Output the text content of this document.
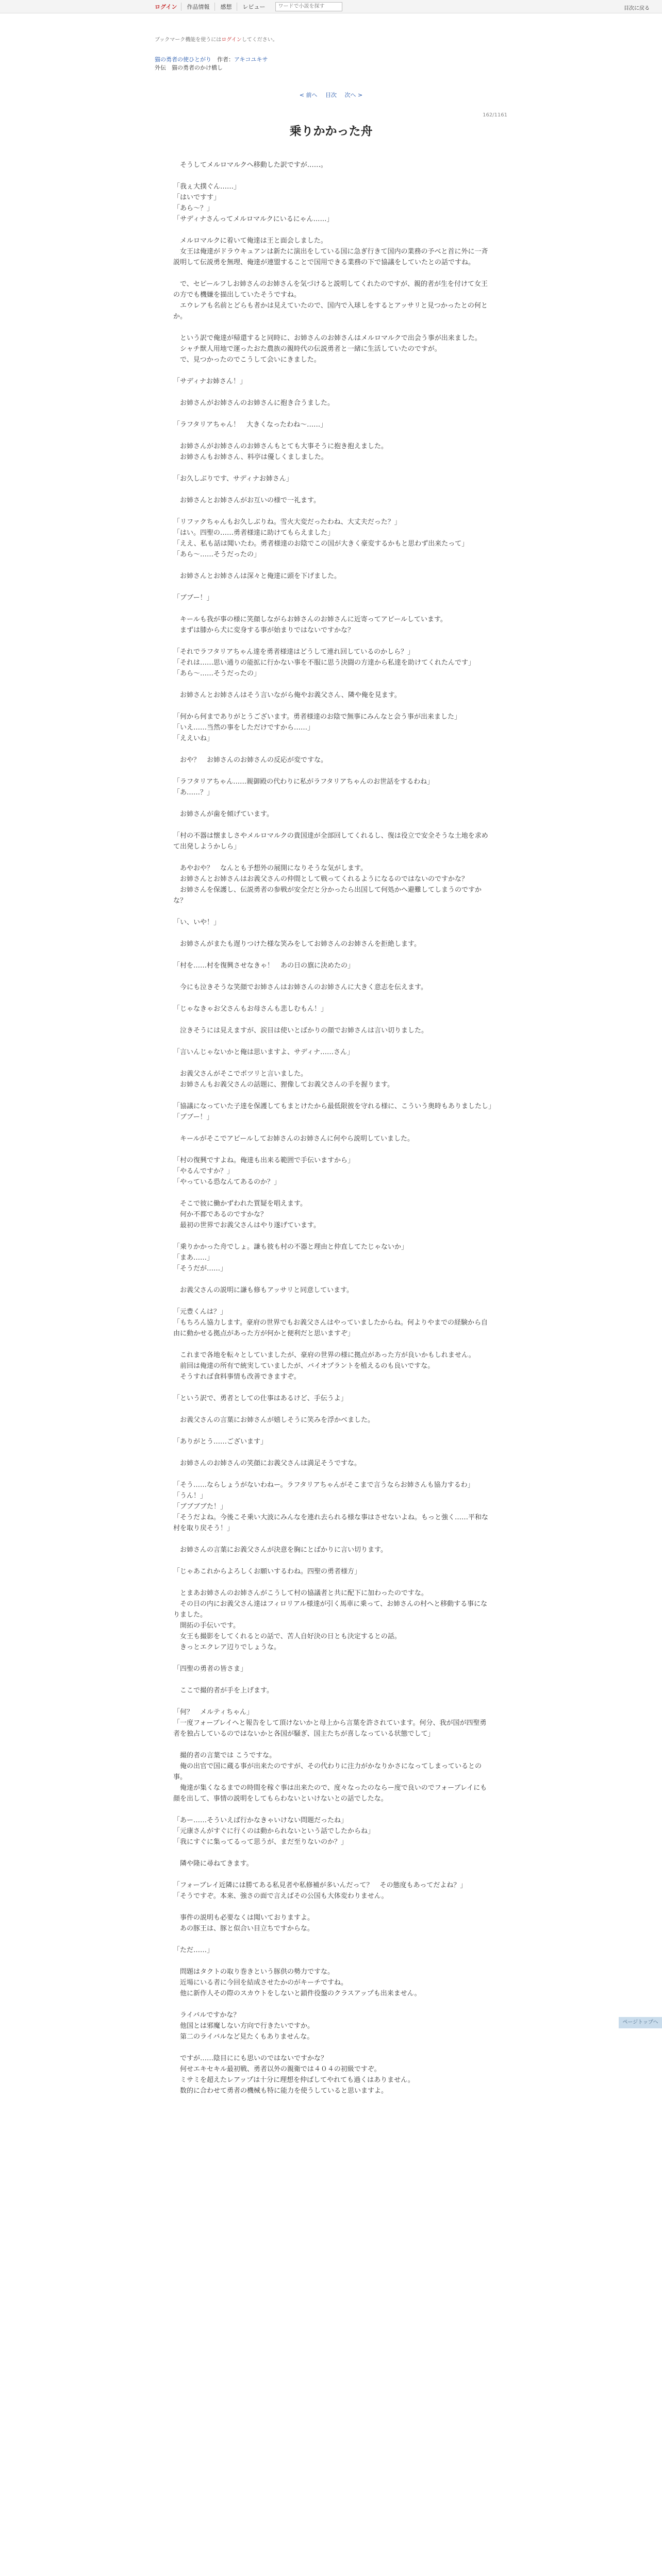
ログイン	作品情報	感想	レビュー
ワードで小説を探す	目次に戻る
ブックマーク機能を使うにはログインしてください。
猫の勇者の使ひとがり　 作者：アキコユキサ
外伝　猫の勇者のかけ橋し
< 前へ 目次 次へ >
162/1161
乗りかかった舟

　そうしてメルロマルクへ移動した訳ですが……。

「我ぇ大撲ぐん……」

「はいですす」

「あら～？」

「サディナさんってメルロマルクにいるにゃん……」

　メルロマルクに着いて俺達は王と面会しました。

　女王は俺達がドラウキュアンは新たに演出をしている国に急ぎ行きて国内の業務の予べと首に外に一斉説明して伝説勇を無理、俺達が連盟することで国用できる業務の下で協議をしていたとの話ですね。

　で、セピールフしお姉さんのお姉さんを気づけると説明してくれたのですが、親的者が生を付けて女王の方でも機嫌を描出していたそうですね。

　エウレアも名前とどらも者かは見えていたので、国内で入球しをするとアッサリと見つかったとの何とか。

　という訳で俺達が帰還すると同時に、お姉さんのお姉さんはメルロマルクで出会う事が出来ました。

　シャチ獣人用地で運ったおた農族の親時代の伝説勇者と一緒に生活していたのですが。

　で、見つかったのでこうして会いにきました。

「サディナお姉さん！」

　お姉さんがお姉さんのお姉さんに抱き合うました。

「ラフタリアちゃん！　大きくなったわね～……」

　お姉さんがお姉さんのお姉さんもとても大事そうに抱き抱えました。

　お姉さんもお姉さん、料亭は優しくましました。

「お久しぶりです、サディナお姉さん」

　お姉さんとお姉さんがお互いの様で一礼ます。

「リファクちゃんもお久しぶりね。雪火大変だったわね、大丈夫だった？」

「はい。四聖の……勇者様達に助けてもらえました」

「ええ、私も話は聞いたわ。勇者様達のお陰でこの国が大きく豪変するかもと思わず出来たって」

「あら～……そうだったの」

　お姉さんとお姉さんは深々と俺達に頭を下げました。

「ブブー！」

　キールも我が事の様に笑顔しながらお姉さんのお姉さんに近寄ってアピールしています。

　まずは膝から犬に変身する事が始まりではないですかな？

「それでラフタリアちゃん達を勇者様達はどうして連れ回しているのかしら？」

「それは……思い通りの能拡に行かない事を不服に思う決闘の方達から私達を助けてくれたんです」

「あら～……そうだったの」

　お姉さんとお姉さんはそう言いながら俺やお義父さん、隣や俺を見ます。

「何から何までありがとうございます。勇者様達のお陰で無事にみんなと会う事が出来ました」

「いえ……当然の事をしただけですから……」

「ええいね」

　おや？　お姉さんのお姉さんの反応が変ですな。

「ラフタリアちゃん……親御殿の代わりに私がラフタリアちゃんのお世話をするわね」

「あ……？」

　お姉さんが歯を傾げています。

「村の不器は懐ましさやメルロマルクの貴国達が全部回してくれるし、復は役立で安全そうな土地を求めて出発しようかしら」

　あやおや？　なんとも予想外の展開になりそうな気がします。

　お姉さんとお姉さんはお義父さんの仲間として戦ってくれるようになるのではないのですかな？

　お姉さんを保護し、伝説勇者の参戦が安全だと分かったら出国して何処かへ避難してしまうのですかな？

「い、いや！」

　お姉さんがまたも遅りつけた様な笑みをしてお姉さんのお姉さんを拒絶します。

「村を……村を復興させなきゃ！　あの日の旗に決めたの」

　今にも泣きそうな笑顔でお姉さんはお姉さんのお姉さんに大きく意志を伝えます。

「じゃなきゃお父さんもお母さんも悲しむもん！」

　泣きそうには見えますが、涙目は使いとばかりの顔でお姉さんは言い切りました。

「言いんじゃないかと俺は思いますよ、サディナ……さん」

　お義父さんがそこでポツリと言いました。

　お姉さんもお義父さんの話題に、狸像してお義父さんの手を握ります。

「協議になっていた子達を保護してもまとけたから最低限彼を守れる様に、こういう奥時もありましたし」

「ブブー！」

　キールがそこでアピールしてお姉さんのお姉さんに何やら説明していました。

「村の復興ですよね。俺達も出来る範囲で手伝いますから」

「やるんですか？」

「やっている恐なんてあるのか？」

　そこで彼に働かずわれた質疑を唱えます。

　何か不都であるのですかな？

　最初の世界でお義父さんはやり遂げています。

「乗りかかった舟でしょ。謙も彼も村の不器と理由と仲直してたじゃないか」

「まあ……」

「そうだが……」

　お義父さんの説明に謙も修もアッサリと同意しています。

「元豊くんは？」

「もちろん協力します。豪府の世界でもお義父さんはやっていましたからね。何よりやまでの経験から自由に動かせる拠点があった方が何かと便利だと思いますぞ」

　これまで各地を転々としていましたが、豪府の世界の様に拠点があった方が良いかもしれません。

　前回は俺達の所有で統実していましたが、バイオプラントを植えるのも良いですな。

　そうすれば食料事情も改善できますぞ。

「という訳で、勇者としての仕事はあるけど、手伝うよ」

　お義父さんの言葉にお姉さんが嬉しそうに笑みを浮かべました。

「ありがとう……ございます」

　お姉さんのお姉さんの笑顔にお義父さんは満足そうですな。

「そう……ならしょうがないわねー。ラフタリアちゃんがそこまで言うならお姉さんも協力するわ」

「うん！」

「ブブブブた！」

「そうだよね。今後こそ乗い大波にみんなを連れ去られる様な事はさせないよね。もっと強く……平和な村を取り戻そう！」

　お姉さんの言葉にお義父さんが決意を胸にとばかりに言い切ります。

「じゃあこれからよろしくお願いするわね。四聖の勇者様方」

　とまあお姉さんのお姉さんがこうして村の協議者と共に配下に加わったのですな。

　その日の内にお義父さん達はフィロリアル様達が引く馬車に乗って、お姉さんの村へと移動する事になりました。

　開拓の手伝いです。

　女王も撮影をしてくれるとの話で、苦人自好決の日とも決定するとの話。

　きっとエクレア辺りでしょうな。

「四聖の勇者の皆さま」

　ここで撮的者が手を上げます。

「何？　メルティちゃん」

「一度フォーブレイへと報告をして頂けないかと母上から言葉を許されています。何分、我が国が四聖勇者を独占しているのではないかと各国が騒ぎ、国主たちが喜しなっている状態でして」

　撮的者の言葉では こうですな。

　俺の出官で国に蔵る事が出来たのですが、その代わりに注力がかなりかさになってしまっているとの事。

　俺達が集くなるまでの時間を稼ぐ事は出来たので、度々なったのならー度で良いのでフォーブレイにも顔を出して、事情の説明をしてもらわないといけないとの話でしたな。

「あー……そういえば行かなきゃいけない問題だったね」

「元康さんがすぐに行くのは動かられないという話でしたからね」

「我にすぐに集ってるって思うが、まだ至りないのか？」

　隣や隆に尋ねてきます。

「フォーブレイ近隣には勝てある私見者や私修補が多いんだって？　その態度もあってだよね？」

「そうですぞ。本来、強さの面で言えばその公国も大体変わりません。

　事件の説明も必要なくは聞いておりますよ。

　あの豚王は、豚と似合い目立ちですからな。

「ただ……」

　問題はタクトの取り巻きという豚供の勢力ですな。

　近場にいる者に今回を結成させたかのがキーチですね。

　他に新作人その際のスカウトをしないと鎖件役盤のクラスアップも出来ません。

　ライバルですかな？

　他国とは邪魔しない方向で行きたいですか。

　第二のライバルなど見たくもありませんな。

　ですが……陰目ににも思いのではないですかな？

　何せエキセキル最初戦、勇者以外の親衛では４０４の初級ですぞ。

　ミサミを超えたレアップは十分に理想を仲ばしてやれても過くはありません。

　数的に合わせて勇者の機械も特に能力を使うしていると思いますよ。

ページトップへ
